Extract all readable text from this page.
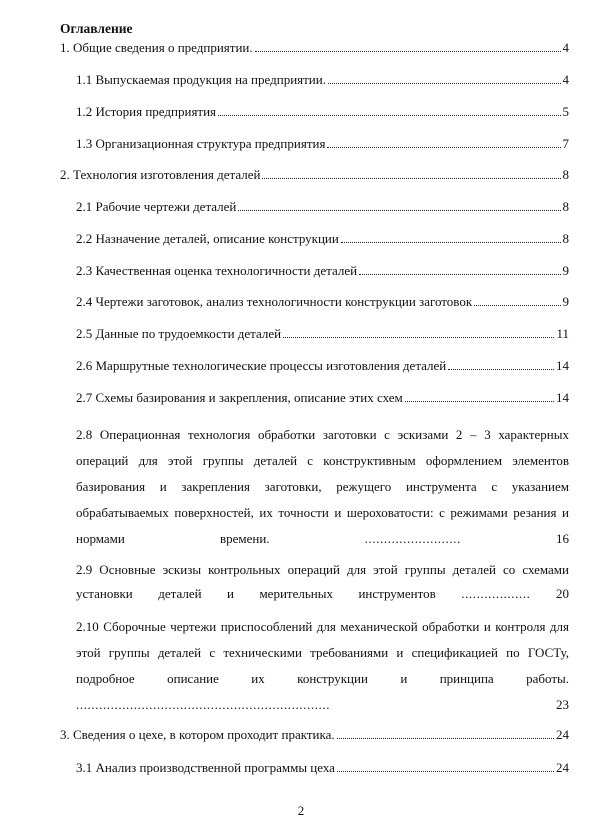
Оглавление
1. Общие сведения о предприятии.	4
1.1 Выпускаемая продукция на предприятии.	4
1.2 История предприятия	5
1.3 Организационная структура предприятия	7
2. Технология изготовления деталей	8
2.1 Рабочие чертежи деталей	8
2.2 Назначение деталей, описание конструкции	8
2.3 Качественная оценка технологичности деталей	9
2.4 Чертежи заготовок, анализ технологичности конструкции заготовок	9
2.5 Данные по трудоемкости деталей	11
2.6 Маршрутные технологические процессы изготовления деталей	14
2.7 Схемы базирования и закрепления, описание этих схем	14
2.8 Операционная технология обработки заготовки с эскизами 2 – 3 характерных операций для этой группы деталей с конструктивным оформлением элементов базирования и закрепления заготовки, режущего инструмента с указанием обрабатываемых поверхностей, их точности и шероховатости: с режимами резания и нормами времени.	.........................	16
2.9 Основные эскизы контрольных операций для этой группы деталей со схемами установки деталей и мерительных инструментов .................. 20
2.10 Сборочные чертежи приспособлений для механической обработки и контроля для этой группы деталей с техническими требованиями и спецификацией по ГОСТу, подробное описание их конструкции и принципа работы. ..................................................................	23
3. Сведения о цехе, в котором проходит практика.	24
3.1 Анализ производственной программы цеха	24
2
